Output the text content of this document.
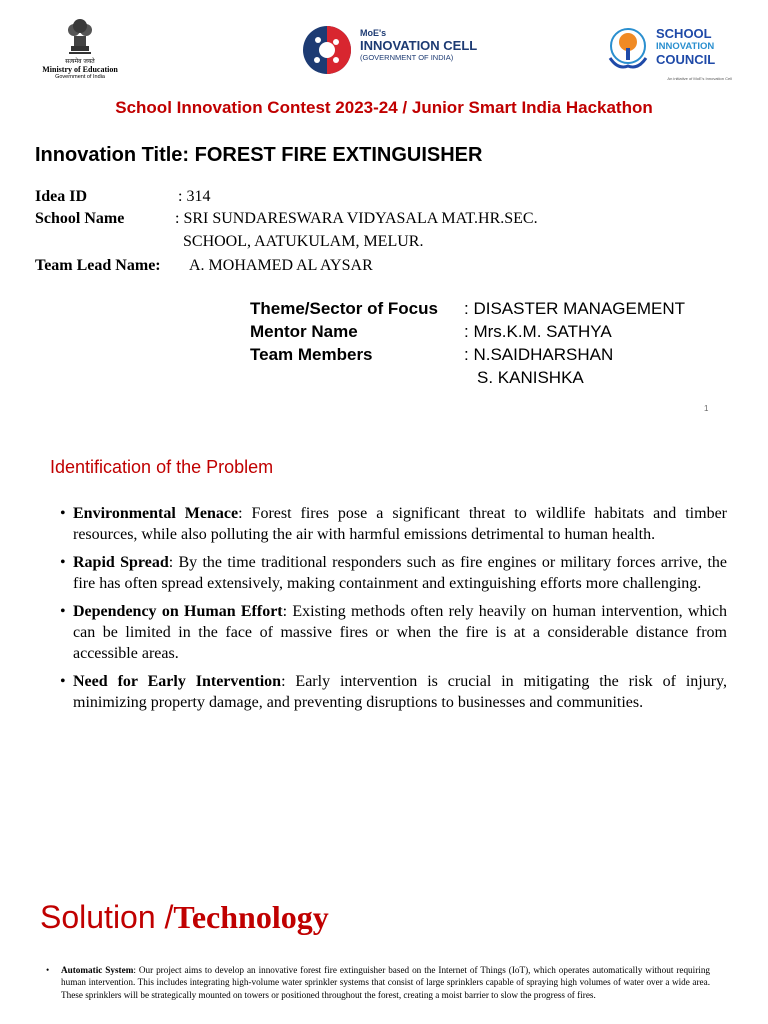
सत्यमेव जयते
Ministry of Education
Government of India
MoE's
INNOVATION CELL
(GOVERNMENT OF INDIA)
SCHOOL
INNOVATION
COUNCIL
An initiative of MoE's Innovation Cell
School Innovation Contest 2023-24 / Junior Smart India Hackathon
Innovation Title: FOREST FIRE EXTINGUISHER
Idea ID	: 314
School Name	: SRI SUNDARESWARA VIDYASALA MAT.HR.SEC.
SCHOOL, AATUKULAM, MELUR.
Team Lead Name: A. MOHAMED AL AYSAR
Theme/Sector of Focus : DISASTER MANAGEMENT
Mentor Name	: Mrs.K.M. SATHYA
Team Members	: N.SAIDHARSHAN
S. KANISHKA
1
Identification of the Problem
• Environmental Menace: Forest fires pose a significant threat to wildlife habitats and timber resources, while also polluting the air with harmful emissions detrimental to human health.
• Rapid Spread: By the time traditional responders such as fire engines or military forces arrive, the fire has often spread extensively, making containment and extinguishing efforts more challenging.
• Dependency on Human Effort: Existing methods often rely heavily on human intervention, which can be limited in the face of massive fires or when the fire is at a considerable distance from accessible areas.
• Need for Early Intervention: Early intervention is crucial in mitigating the risk of injury, minimizing property damage, and preventing disruptions to businesses and communities.
Solution /Technology
• Automatic System: Our project aims to develop an innovative forest fire extinguisher based on the Internet of Things (IoT), which operates automatically without requiring human intervention. This includes integrating high-volume water sprinkler systems that consist of large sprinklers capable of spraying high volumes of water over a wide area. These sprinklers will be strategically mounted on towers or positioned throughout the forest, creating a moist barrier to slow the progress of fires.
